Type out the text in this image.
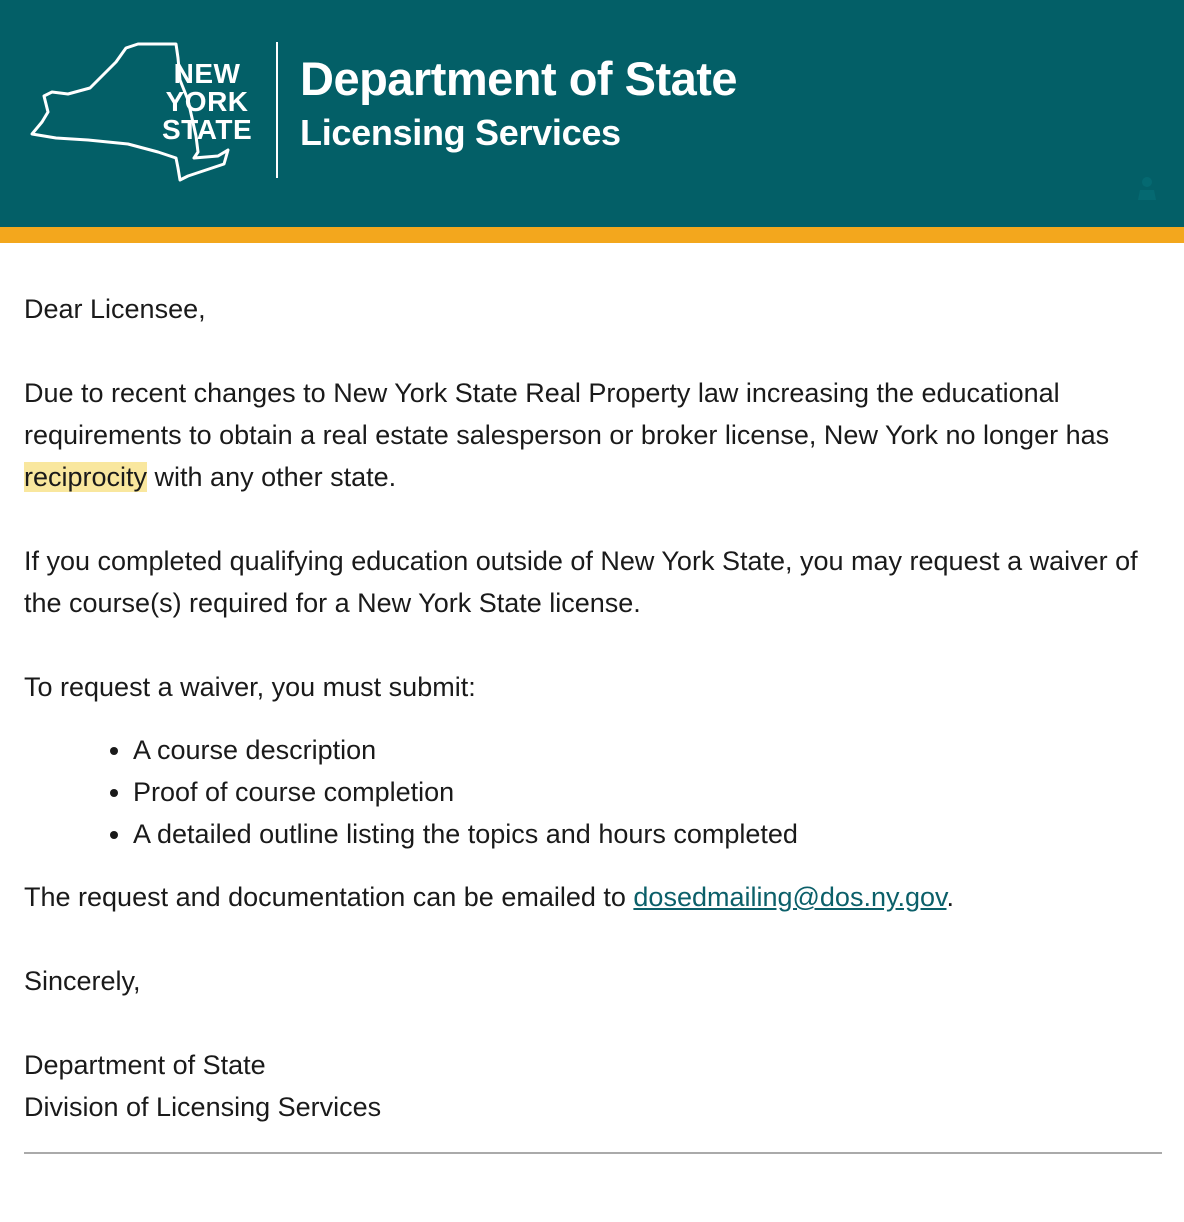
NEW
YORK
STATE
Department of State
Licensing Services

Dear Licensee,

Due to recent changes to New York State Real Property law increasing the educational requirements to obtain a real estate salesperson or broker license, New York no longer has reciprocity with any other state.

If you completed qualifying education outside of New York State, you may request a waiver of the course(s) required for a New York State license.

To request a waiver, you must submit:

• A course description
• Proof of course completion
• A detailed outline listing the topics and hours completed

The request and documentation can be emailed to dosedmailing@dos.ny.gov.

Sincerely,

Department of State
Division of Licensing Services
